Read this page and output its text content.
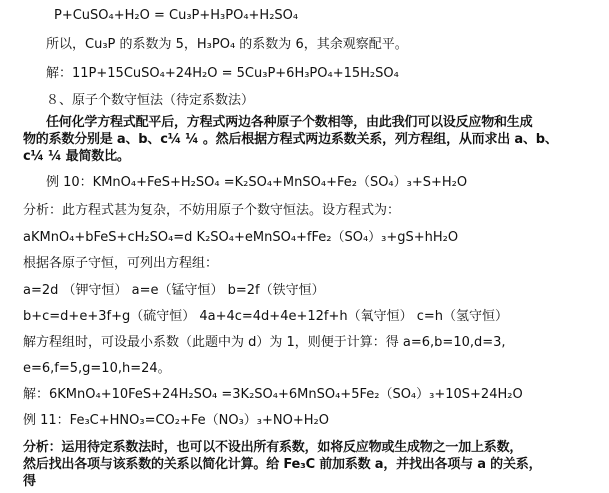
P+CuSO₄+H₂O = Cu₃P+H₃PO₄+H₂SO₄
所以，Cu₃P 的系数为 5，H₃PO₄ 的系数为 6，其余观察配平。
解：11P+15CuSO₄+24H₂O = 5Cu₃P+6H₃PO₄+15H₂SO₄
８、原子个数守恒法（待定系数法）
任何化学方程式配平后，方程式两边各种原子个数相等，由此我们可以设反应物和生成
物的系数分别是 a、b、c¼ ¼ 。然后根据方程式两边系数关系，列方程组，从而求出 a、b、
c¼ ¼ 最简数比。
例 10：KMnO₄+FeS+H₂SO₄ =K₂SO₄+MnSO₄+Fe₂（SO₄）₃+S+H₂O
分析：此方程式甚为复杂，不妨用原子个数守恒法。设方程式为：
aKMnO₄+bFeS+cH₂SO₄=d K₂SO₄+eMnSO₄+fFe₂（SO₄）₃+gS+hH₂O
根据各原子守恒，可列出方程组：
a=2d （钾守恒） a=e（锰守恒） b=2f（铁守恒）
b+c=d+e+3f+g（硫守恒） 4a+4c=4d+4e+12f+h（氧守恒） c=h（氢守恒）
解方程组时，可设最小系数（此题中为 d）为 1，则便于计算：得 a=6,b=10,d=3,
e=6,f=5,g=10,h=24。
解：6KMnO₄+10FeS+24H₂SO₄ =3K₂SO₄+6MnSO₄+5Fe₂（SO₄）₃+10S+24H₂O
例 11：Fe₃C+HNO₃=CO₂+Fe（NO₃）₃+NO+H₂O
分析：运用待定系数法时，也可以不设出所有系数，如将反应物或生成物之一加上系数，
然后找出各项与该系数的关系以简化计算。给 Fe₃C 前加系数 a，并找出各项与 a 的关系，
得
